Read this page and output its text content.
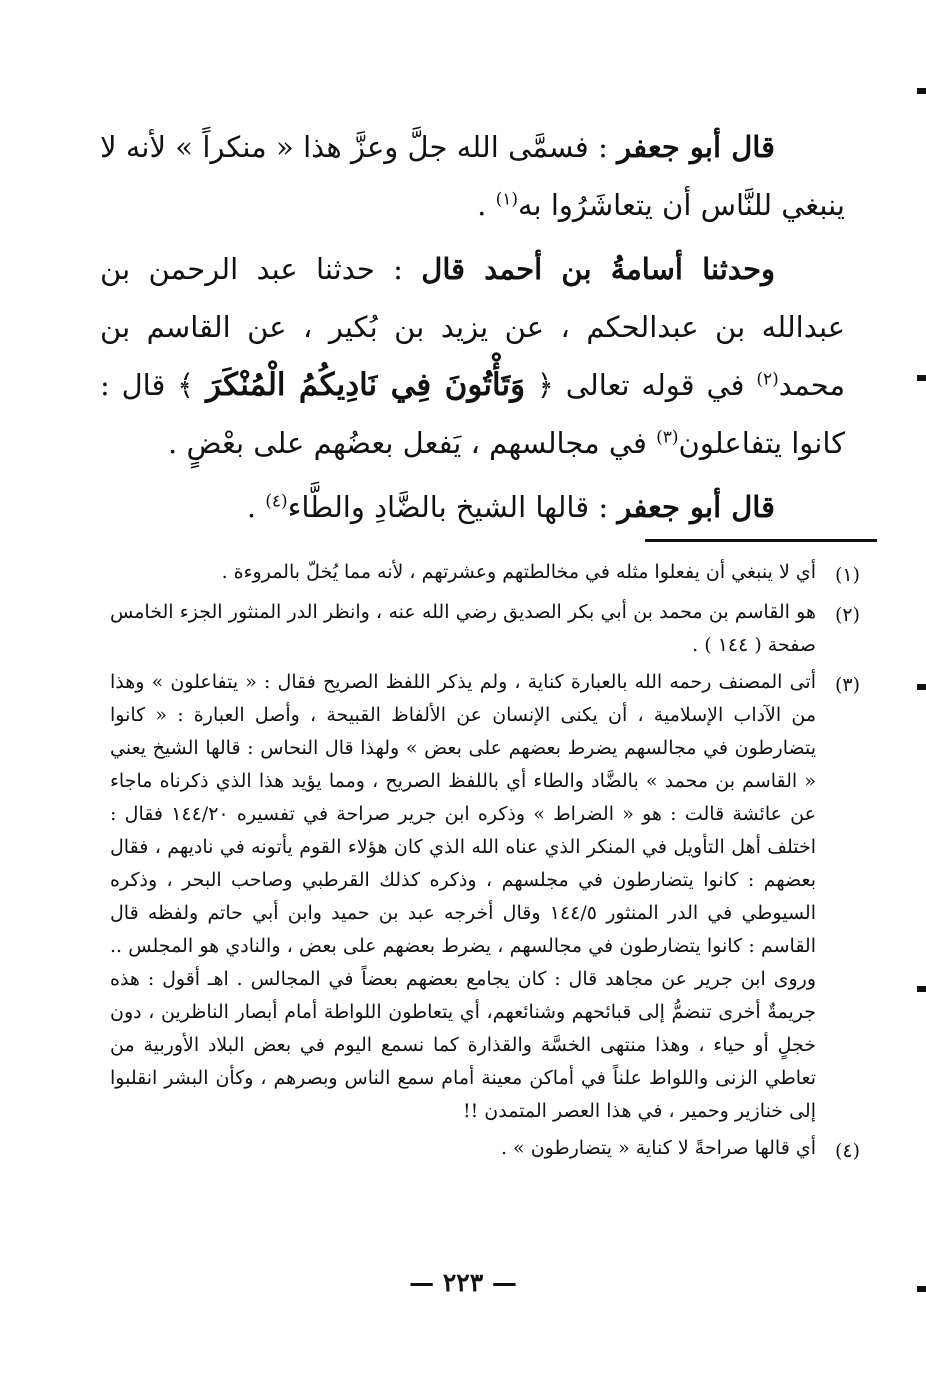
قال أبو جعفر : فسمَّى الله جلَّ وعزَّ هذا « منكراً » لأنه لا ينبغي للنَّاس أن يتعاشَرُوا به$^{(١)}$ .

وحدثنا أسامةُ بن أحمد قال : حدثنا عبد الرحمن بن عبدالله بن عبدالحكم ، عن يزيد بن بُكير ، عن القاسم بن محمد$^{(٢)}$ في قوله تعالى ﴿ وَتَأْتُونَ فِي نَادِيكُمُ الْمُنْكَرَ ﴾ قال : كانوا يتفاعلون$^{(٣)}$ في مجالسهم ، يَفعل بعضُهم على بعْضٍ .

قال أبو جعفر : قالها الشيخ بالضَّادِ والطَّاء$^{(٤)}$ .

(١)
أي لا ينبغي أن يفعلوا مثله في مخالطتهم وعشرتهم ، لأنه مما يُخلّ بالمروءة .
(٢)
هو القاسم بن محمد بن أبي بكر الصديق رضي الله عنه ، وانظر الدر المنثور الجزء الخامس صفحة ( ١٤٤ ) .
(٣)
أتى المصنف رحمه الله بالعبارة كناية ، ولم يذكر اللفظ الصريح فقال : « يتفاعلون » وهذا من الآداب الإسلامية ، أن يكنى الإنسان عن الألفاظ القبيحة ، وأصل العبارة : « كانوا يتضارطون في مجالسهم يضرط بعضهم على بعض » ولهذا قال النحاس : قالها الشيخ يعني « القاسم بن محمد » بالضَّاد والطاء أي باللفظ الصريح ، ومما يؤيد هذا الذي ذكرناه ماجاء عن عائشة قالت : هو « الضراط » وذكره ابن جرير صراحة في تفسيره ١٤٤/٢٠ فقال : اختلف أهل التأويل في المنكر الذي عناه الله الذي كان هؤلاء القوم يأتونه في ناديهم ، فقال بعضهم : كانوا يتضارطون في مجلسهم ، وذكره كذلك القرطبي وصاحب البحر ، وذكره السيوطي في الدر المنثور ١٤٤/٥ وقال أخرجه عبد بن حميد وابن أبي حاتم ولفظه قال القاسم : كانوا يتضارطون في مجالسهم ، يضرط بعضهم على بعض ، والنادي هو المجلس .. وروى ابن جرير عن مجاهد قال : كان يجامع بعضهم بعضاً في المجالس . اهـ أقول : هذه جريمةٌ أخرى تنضمُّ إلى قبائحهم وشنائعهم، أي يتعاطون اللواطة أمام أبصار الناظرين ، دون خجلٍ أو حياء ، وهذا منتهى الخسَّة والقذارة كما نسمع اليوم في بعض البلاد الأوربية من تعاطي الزنى واللواط علناً في أماكن معينة أمام سمع الناس وبصرهم ، وكأن البشر انقلبوا إلى خنازير وحمير ، في هذا العصر المتمدن !!
(٤)
أي قالها صراحةً لا كناية « يتضارطون » .
— ٢٢٣ —
